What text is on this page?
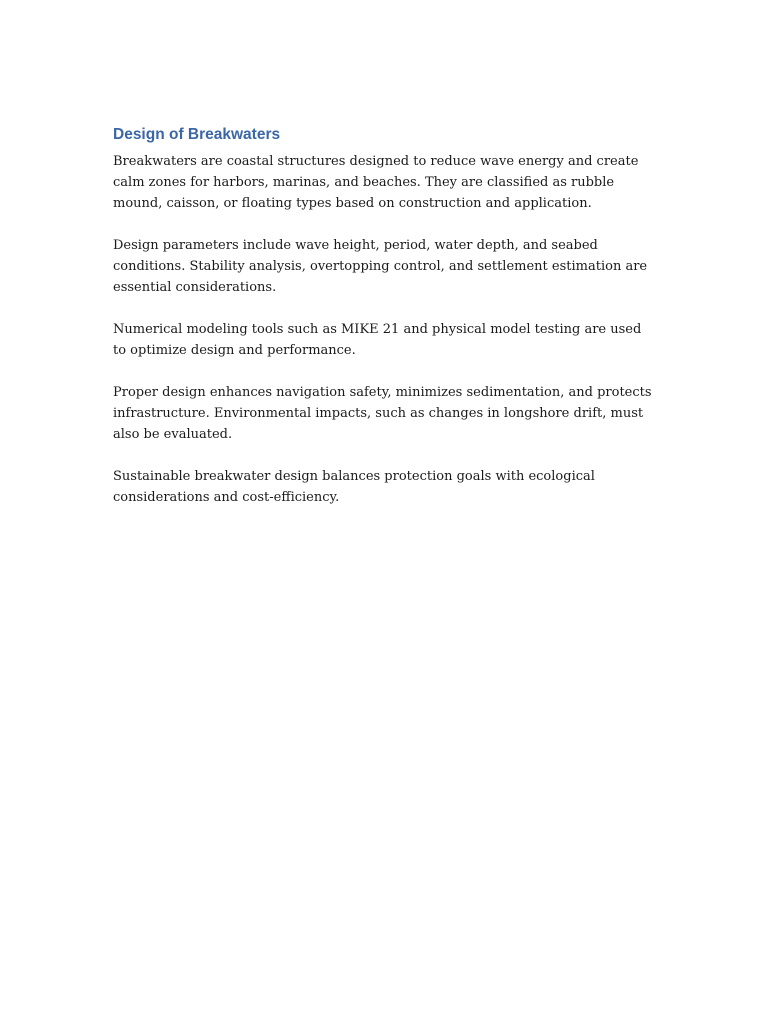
Design of Breakwaters

Breakwaters are coastal structures designed to reduce wave energy and create calm zones for harbors, marinas, and beaches. They are classified as rubble mound, caisson, or floating types based on construction and application.

Design parameters include wave height, period, water depth, and seabed conditions. Stability analysis, overtopping control, and settlement estimation are essential considerations.

Numerical modeling tools such as MIKE 21 and physical model testing are used to optimize design and performance.

Proper design enhances navigation safety, minimizes sedimentation, and protects infrastructure. Environmental impacts, such as changes in longshore drift, must also be evaluated.

Sustainable breakwater design balances protection goals with ecological considerations and cost-efficiency.
